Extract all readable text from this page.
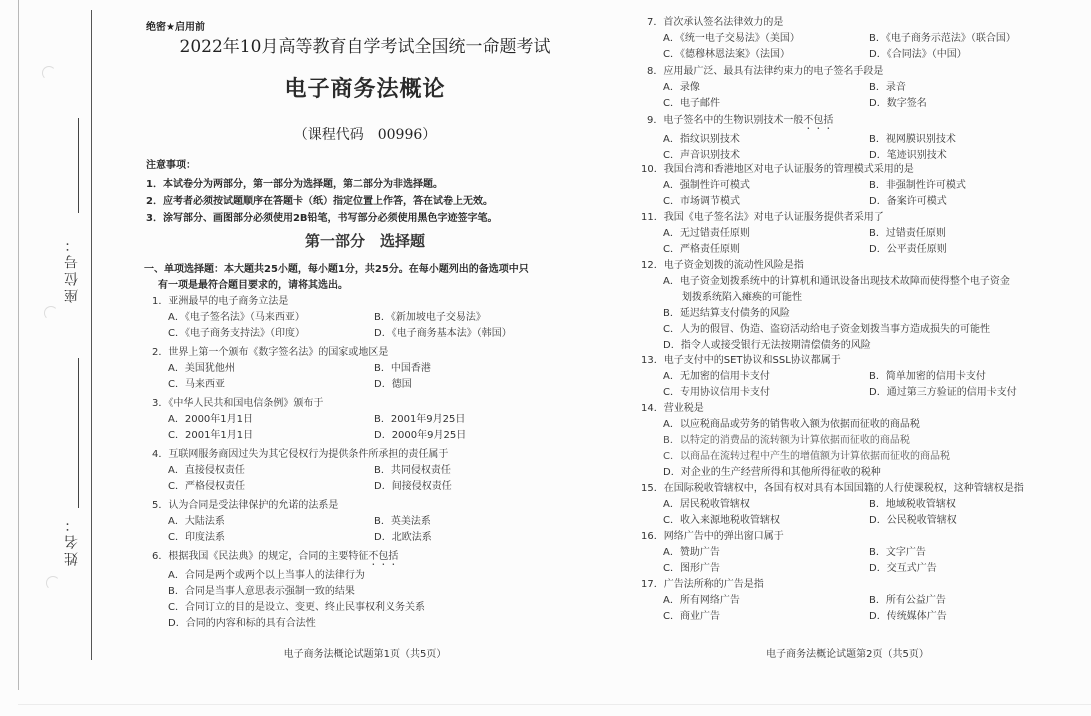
座位号：
姓名：
绝密★启用前
2022年10月高等教育自学考试全国统一命题考试
电子商务法概论
（课程代码　00996）
注意事项：
1．本试卷分为两部分，第一部分为选择题，第二部分为非选择题。
2．应考者必须按试题顺序在答题卡（纸）指定位置上作答，答在试卷上无效。
3．涂写部分、画图部分必须使用2B铅笔，书写部分必须使用黑色字迹签字笔。
第一部分　选择题
一、单项选择题：本大题共25小题，每小题1分，共25分。在每小题列出的备选项中只
有一项是最符合题目要求的，请将其选出。
1．亚洲最早的电子商务立法是
A．《电子签名法》（马来西亚）	B．《新加坡电子交易法》
C．《电子商务支持法》（印度）	D．《电子商务基本法》（韩国）
2．世界上第一个颁布《数字签名法》的国家或地区是
A．美国犹他州	B．中国香港
C．马来西亚	D．德国
3．《中华人民共和国电信条例》颁布于
A．2000年1月1日	B．2001年9月25日
C．2001年1月1日	D．2000年9月25日
4．互联网服务商因过失为其它侵权行为提供条件所承担的责任属于
A．直接侵权责任	B．共同侵权责任
C．严格侵权责任	D．间接侵权责任
5．认为合同是受法律保护的允诺的法系是
A．大陆法系	B．英美法系
C．印度法系	D．北欧法系
6．根据我国《民法典》的规定，合同的主要特征不包括
A．合同是两个或两个以上当事人的法律行为
B．合同是当事人意思表示强制一致的结果
C．合同订立的目的是设立、变更、终止民事权利义务关系
D．合同的内容和标的具有合法性
电子商务法概论试题第1页（共5页）
7．首次承认签名法律效力的是
A．《统一电子交易法》（美国）	B．《电子商务示范法》（联合国）
C．《德穆林恩法案》（法国）	D．《合同法》（中国）
8．应用最广泛、最具有法律约束力的电子签名手段是
A．录像	B．录音
C．电子邮件	D．数字签名
9．电子签名中的生物识别技术一般不包括
A．指纹识别技术	B．视网膜识别技术
C．声音识别技术	D．笔迹识别技术
10．我国台湾和香港地区对电子认证服务的管理模式采用的是
A．强制性许可模式	B．非强制性许可模式
C．市场调节模式	D．备案许可模式
11．我国《电子签名法》对电子认证服务提供者采用了
A．无过错责任原则	B．过错责任原则
C．严格责任原则	D．公平责任原则
12．电子资金划拨的流动性风险是指
A．电子资金划拨系统中的计算机和通讯设备出现技术故障而使得整个电子资金
划拨系统陷入瘫痪的可能性
B．延迟结算支付债务的风险
C．人为的假冒、伪造、盗窃活动给电子资金划拨当事方造成损失的可能性
D．指令人或接受银行无法按期清偿债务的风险
13．电子支付中的SET协议和SSL协议都属于
A．无加密的信用卡支付	B．简单加密的信用卡支付
C．专用协议信用卡支付	D．通过第三方验证的信用卡支付
14．营业税是
A．以应税商品或劳务的销售收入额为依据而征收的商品税
B．以特定的消费品的流转额为计算依据而征收的商品税
C．以商品在流转过程中产生的增值额为计算依据而征收的商品税
D．对企业的生产经营所得和其他所得征收的税种
15．在国际税收管辖权中，各国有权对具有本国国籍的人行使课税权，这种管辖权是指
A．居民税收管辖权	B．地域税收管辖权
C．收入来源地税收管辖权	D．公民税收管辖权
16．网络广告中的弹出窗口属于
A．赞助广告	B．文字广告
C．图形广告	D．交互式广告
17．广告法所称的广告是指
A．所有网络广告	B．所有公益广告
C．商业广告	D．传统媒体广告
电子商务法概论试题第2页（共5页）
